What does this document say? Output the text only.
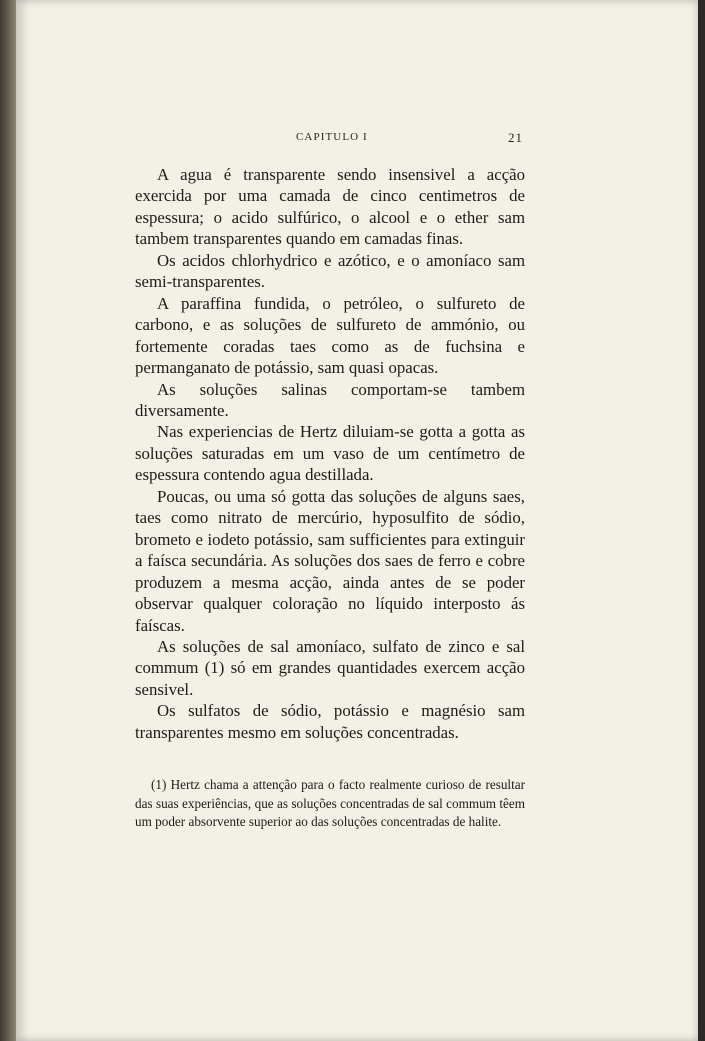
CAPITULO I	21

A agua é transparente sendo insensivel a acção exercida por uma camada de cinco centimetros de espessura; o acido sulfúrico, o alcool e o ether sam tambem transparentes quando em camadas finas.

Os acidos chlorhydrico e azótico, e o amoníaco sam semi-transparentes.

A paraffina fundida, o petróleo, o sulfureto de carbono, e as soluções de sulfureto de ammónio, ou fortemente coradas taes como as de fuchsina e permanganato de potássio, sam quasi opacas.

As soluções salinas comportam-se tambem diversamente.

Nas experiencias de Hertz diluiam-se gotta a gotta as soluções saturadas em um vaso de um centímetro de espessura contendo agua destillada.

Poucas, ou uma só gotta das soluções de alguns saes, taes como nitrato de mercúrio, hyposulfito de sódio, brometo e iodeto potássio, sam sufficientes para extinguir a faísca secundária. As soluções dos saes de ferro e cobre produzem a mesma acção, ainda antes de se poder observar qualquer coloração no líquido interposto ás faíscas.

As soluções de sal amoníaco, sulfato de zinco e sal commum (1) só em grandes quantidades exercem acção sensivel.

Os sulfatos de sódio, potássio e magnésio sam transparentes mesmo em soluções concentradas.

(1) Hertz chama a attenção para o facto realmente curioso de resultar das suas experiências, que as soluções concentradas de sal commum têem um poder absorvente superior ao das soluções concentradas de halite.
